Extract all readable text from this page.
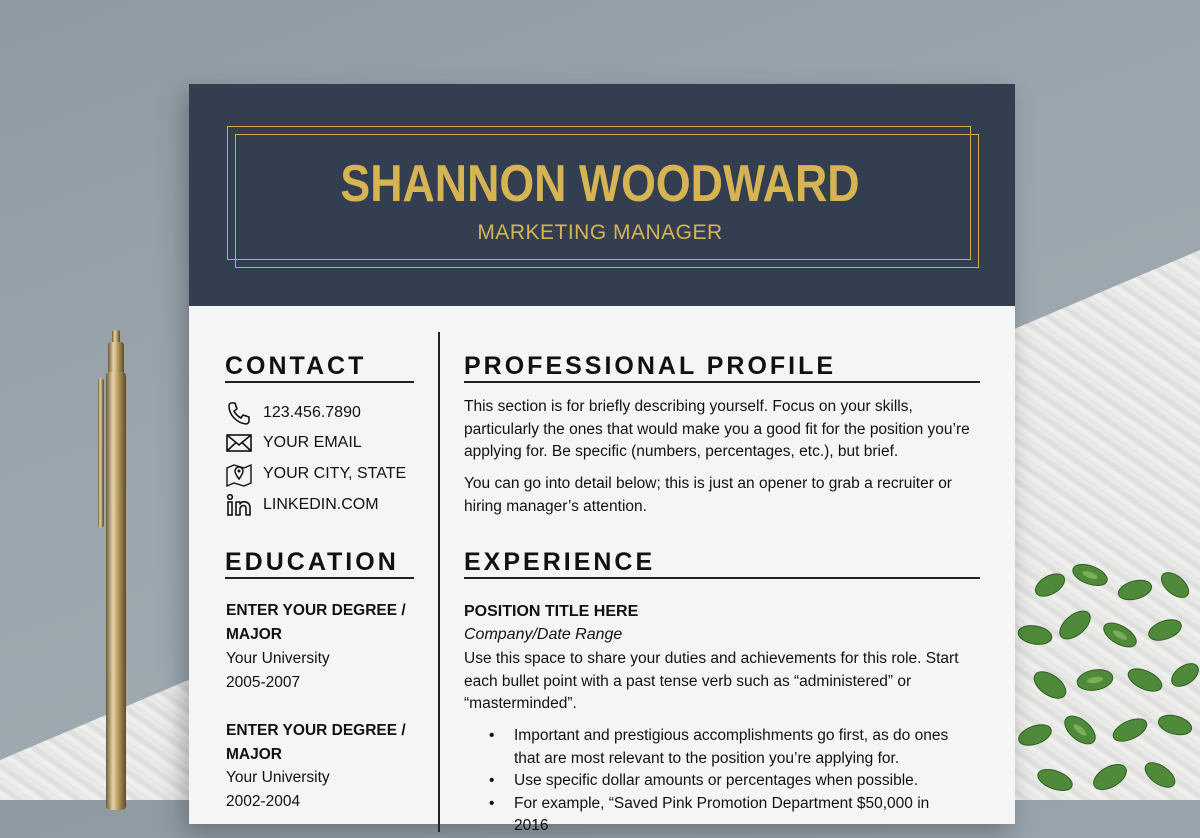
SHANNON WOODWARD
MARKETING MANAGER
CONTACT
123.456.7890
YOUR EMAIL
YOUR CITY, STATE
LINKEDIN.COM
EDUCATION
ENTER YOUR DEGREE / MAJOR
Your University
2005-2007
ENTER YOUR DEGREE / MAJOR
Your University
2002-2004
PROFESSIONAL PROFILE
This section is for briefly describing yourself. Focus on your skills, particularly the ones that would make you a good fit for the position you’re applying for. Be specific (numbers, percentages, etc.), but brief.
You can go into detail below; this is just an opener to grab a recruiter or hiring manager’s attention.
EXPERIENCE
POSITION TITLE HERE
Company/Date Range
Use this space to share your duties and achievements for this role. Start each bullet point with a past tense verb such as “administered” or “masterminded”.
• Important and prestigious accomplishments go first, as do ones that are most relevant to the position you’re applying for.
• Use specific dollar amounts or percentages when possible.
• For example, “Saved Pink Promotion Department $50,000 in 2016
